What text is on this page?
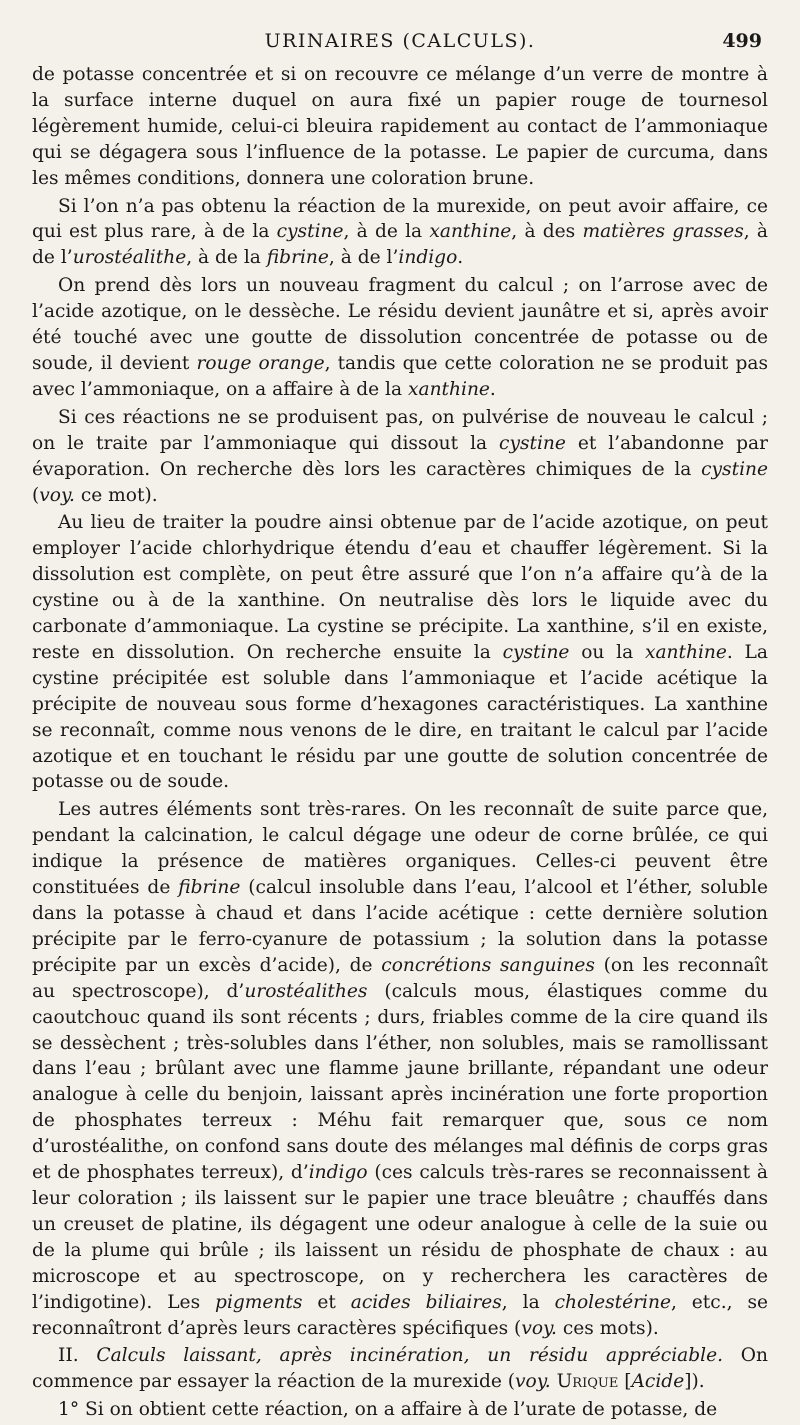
URINAIRES (CALCULS).	499

de potasse concentrée et si on recouvre ce mélange d’un verre de montre à la surface interne duquel on aura fixé un papier rouge de tournesol légèrement humide, celui-ci bleuira rapidement au contact de l’ammoniaque qui se dégagera sous l’influence de la potasse. Le papier de curcuma, dans les mêmes conditions, donnera une coloration brune.

Si l’on n’a pas obtenu la réaction de la murexide, on peut avoir affaire, ce qui est plus rare, à de la cystine, à de la xanthine, à des matières grasses, à de l’urostéalithe, à de la fibrine, à de l’indigo.

On prend dès lors un nouveau fragment du calcul ; on l’arrose avec de l’acide azotique, on le dessèche. Le résidu devient jaunâtre et si, après avoir été touché avec une goutte de dissolution concentrée de potasse ou de soude, il devient rouge orange, tandis que cette coloration ne se produit pas avec l’ammoniaque, on a affaire à de la xanthine.

Si ces réactions ne se produisent pas, on pulvérise de nouveau le calcul ; on le traite par l’ammoniaque qui dissout la cystine et l’abandonne par évaporation. On recherche dès lors les caractères chimiques de la cystine (voy. ce mot).

Au lieu de traiter la poudre ainsi obtenue par de l’acide azotique, on peut employer l’acide chlorhydrique étendu d’eau et chauffer légèrement. Si la dissolution est complète, on peut être assuré que l’on n’a affaire qu’à de la cystine ou à de la xanthine. On neutralise dès lors le liquide avec du carbonate d’ammoniaque. La cystine se précipite. La xanthine, s’il en existe, reste en dissolution. On recherche ensuite la cystine ou la xanthine. La cystine précipitée est soluble dans l’ammoniaque et l’acide acétique la précipite de nouveau sous forme d’hexagones caractéristiques. La xanthine se reconnaît, comme nous venons de le dire, en traitant le calcul par l’acide azotique et en touchant le résidu par une goutte de solution concentrée de potasse ou de soude.

Les autres éléments sont très-rares. On les reconnaît de suite parce que, pendant la calcination, le calcul dégage une odeur de corne brûlée, ce qui indique la présence de matières organiques. Celles-ci peuvent être constituées de fibrine (calcul insoluble dans l’eau, l’alcool et l’éther, soluble dans la potasse à chaud et dans l’acide acétique : cette dernière solution précipite par le ferro-cyanure de potassium ; la solution dans la potasse précipite par un excès d’acide), de concrétions sanguines (on les reconnaît au spectroscope), d’urostéalithes (calculs mous, élastiques comme du caoutchouc quand ils sont récents ; durs, friables comme de la cire quand ils se dessèchent ; très-solubles dans l’éther, non solubles, mais se ramollissant dans l’eau ; brûlant avec une flamme jaune brillante, répandant une odeur analogue à celle du benjoin, laissant après incinération une forte proportion de phosphates terreux : Méhu fait remarquer que, sous ce nom d’urostéalithe, on confond sans doute des mélanges mal définis de corps gras et de phosphates terreux), d’indigo (ces calculs très-rares se reconnaissent à leur coloration ; ils laissent sur le papier une trace bleuâtre ; chauffés dans un creuset de platine, ils dégagent une odeur analogue à celle de la suie ou de la plume qui brûle ; ils laissent un résidu de phosphate de chaux : au microscope et au spectroscope, on y recherchera les caractères de l’indigotine). Les pigments et acides biliaires, la cholestérine, etc., se reconnaîtront d’après leurs caractères spécifiques (voy. ces mots).

II. Calculs laissant, après incinération, un résidu appréciable. On commence par essayer la réaction de la murexide (voy. Urique [Acide]).

1° Si on obtient cette réaction, on a affaire à de l’urate de potasse, de
